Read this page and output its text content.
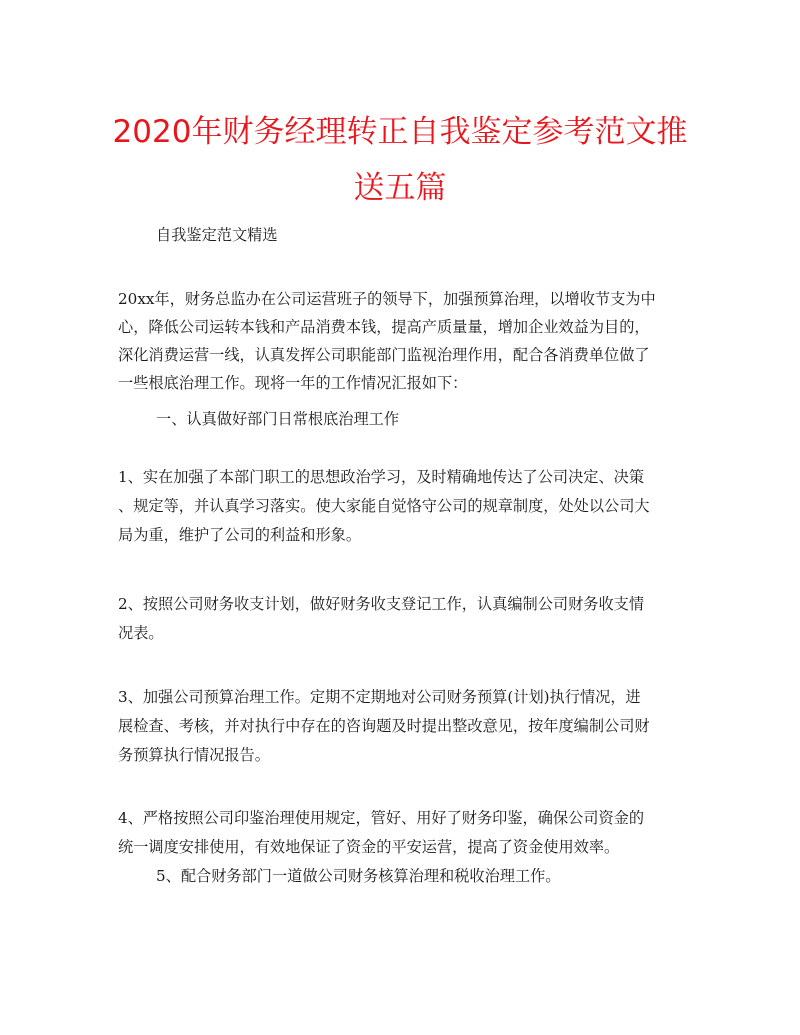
2020年财务经理转正自我鉴定参考范文推
送五篇

自我鉴定范文精选

20xx年，财务总监办在公司运营班子的领导下，加强预算治理，以增收节支为中

心，降低公司运转本钱和产品消费本钱，提高产质量量，增加企业效益为目的，

深化消费运营一线，认真发挥公司职能部门监视治理作用，配合各消费单位做了

一些根底治理工作。现将一年的工作情况汇报如下：

一、认真做好部门日常根底治理工作

1、实在加强了本部门职工的思想政治学习，及时精确地传达了公司决定、决策

、规定等，并认真学习落实。使大家能自觉恪守公司的规章制度，处处以公司大

局为重，维护了公司的利益和形象。

2、按照公司财务收支计划，做好财务收支登记工作，认真编制公司财务收支情

况表。

3、加强公司预算治理工作。定期不定期地对公司财务预算(计划)执行情况，进

展检查、考核，并对执行中存在的咨询题及时提出整改意见，按年度编制公司财

务预算执行情况报告。

4、严格按照公司印鉴治理使用规定，管好、用好了财务印鉴，确保公司资金的

统一调度安排使用，有效地保证了资金的平安运营，提高了资金使用效率。

5、配合财务部门一道做公司财务核算治理和税收治理工作。
